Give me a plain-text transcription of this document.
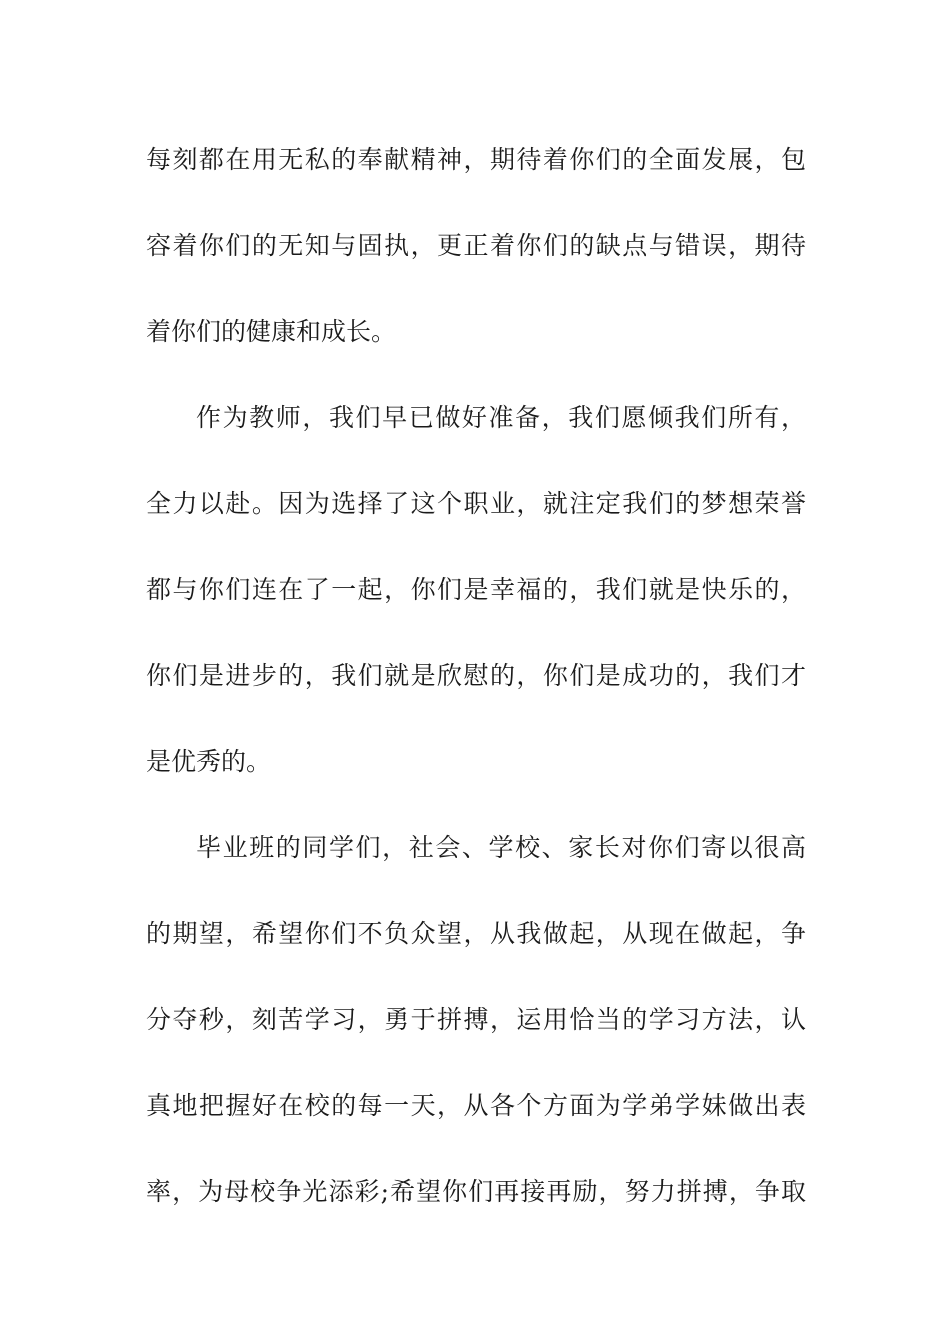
每刻都在用无私的奉献精神，期待着你们的全面发展，包
容着你们的无知与固执，更正着你们的缺点与错误，期待
着你们的健康和成长。
作为教师，我们早已做好准备，我们愿倾我们所有，
全力以赴。因为选择了这个职业，就注定我们的梦想荣誉
都与你们连在了一起，你们是幸福的，我们就是快乐的，
你们是进步的，我们就是欣慰的，你们是成功的，我们才
是优秀的。
毕业班的同学们，社会、学校、家长对你们寄以很高
的期望，希望你们不负众望，从我做起，从现在做起，争
分夺秒，刻苦学习，勇于拼搏，运用恰当的学习方法，认
真地把握好在校的每一天，从各个方面为学弟学妹做出表
率，为母校争光添彩;希望你们再接再励，努力拼搏，争取
